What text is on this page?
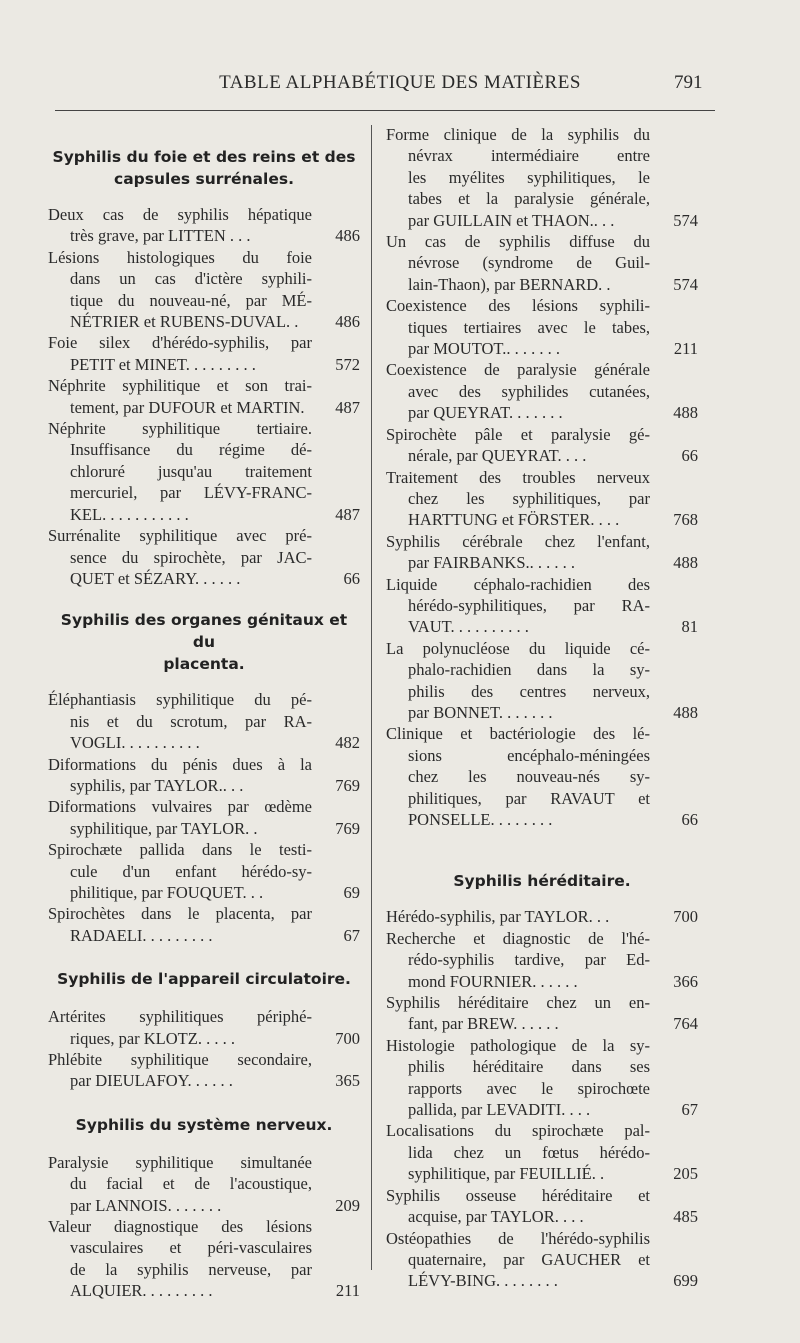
TABLE ALPHABÉTIQUE DES MATIÈRES	791
Syphilis du foie et des reins et des
capsules surrénales.
Deux cas de syphilis hépatique
très grave, par LITTEN . . .	486
Lésions histologiques du foie
dans un cas d'ictère syphili-
tique du nouveau-né, par MÉ-
NÉTRIER et RUBENS-DUVAL. .	486
Foie silex d'hérédo-syphilis, par
PETIT et MINET. . . . . . . . .	572
Néphrite syphilitique et son trai-
tement, par DUFOUR et MARTIN.	487
Néphrite syphilitique tertiaire.
Insuffisance du régime dé-
chloruré jusqu'au traitement
mercuriel, par LÉVY-FRANC-
KEL. . . . . . . . . . .	487
Surrénalite syphilitique avec pré-
sence du spirochète, par JAC-
QUET et SÉZARY. . . . . .	66
Syphilis des organes génitaux et du
placenta.
Éléphantiasis syphilitique du pé-
nis et du scrotum, par RA-
VOGLI. . . . . . . . . .	482
Diformations du pénis dues à la
syphilis, par TAYLOR.. . .	769
Diformations vulvaires par œdème
syphilitique, par TAYLOR. .	769
Spirochæte pallida dans le testi-
cule d'un enfant hérédo-sy-
philitique, par FOUQUET. . .	69
Spirochètes dans le placenta, par
RADAELI. . . . . . . . .	67
Syphilis de l'appareil circulatoire.
Artérites syphilitiques périphé-
riques, par KLOTZ. . . . .	700
Phlébite syphilitique secondaire,
par DIEULAFOY. . . . . .	365
Syphilis du système nerveux.
Paralysie syphilitique simultanée
du facial et de l'acoustique,
par LANNOIS. . . . . . .	209
Valeur diagnostique des lésions
vasculaires et péri-vasculaires
de la syphilis nerveuse, par
ALQUIER. . . . . . . . .	211
Forme clinique de la syphilis du
névrax intermédiaire entre
les myélites syphilitiques, le
tabes et la paralysie générale,
par GUILLAIN et THAON.. . .	574
Un cas de syphilis diffuse du
névrose (syndrome de Guil-
lain-Thaon), par BERNARD. .	574
Coexistence des lésions syphili-
tiques tertiaires avec le tabes,
par MOUTOT.. . . . . . .	211
Coexistence de paralysie générale
avec des syphilides cutanées,
par QUEYRAT. . . . . . .	488
Spirochète pâle et paralysie gé-
nérale, par QUEYRAT. . . .	66
Traitement des troubles nerveux
chez les syphilitiques, par
HARTTUNG et FÖRSTER. . . .	768
Syphilis cérébrale chez l'enfant,
par FAIRBANKS.. . . . . .	488
Liquide céphalo-rachidien des
hérédo-syphilitiques, par RA-
VAUT. . . . . . . . . .	81
La polynucléose du liquide cé-
phalo-rachidien dans la sy-
philis des centres nerveux,
par BONNET. . . . . . .	488
Clinique et bactériologie des lé-
sions encéphalo-méningées
chez les nouveau-nés sy-
philitiques, par RAVAUT et
PONSELLE. . . . . . . .	66
Syphilis héréditaire.
Hérédo-syphilis, par TAYLOR. . .	700
Recherche et diagnostic de l'hé-
rédo-syphilis tardive, par Ed-
mond FOURNIER. . . . . .	366
Syphilis héréditaire chez un en-
fant, par BREW. . . . . .	764
Histologie pathologique de la sy-
philis héréditaire dans ses
rapports avec le spirochœte
pallida, par LEVADITI. . . .	67
Localisations du spirochæte pal-
lida chez un fœtus hérédo-
syphilitique, par FEUILLIÉ. .	205
Syphilis osseuse héréditaire et
acquise, par TAYLOR. . . .	485
Ostéopathies de l'hérédo-syphilis
quaternaire, par GAUCHER et
LÉVY-BING. . . . . . . .	699
